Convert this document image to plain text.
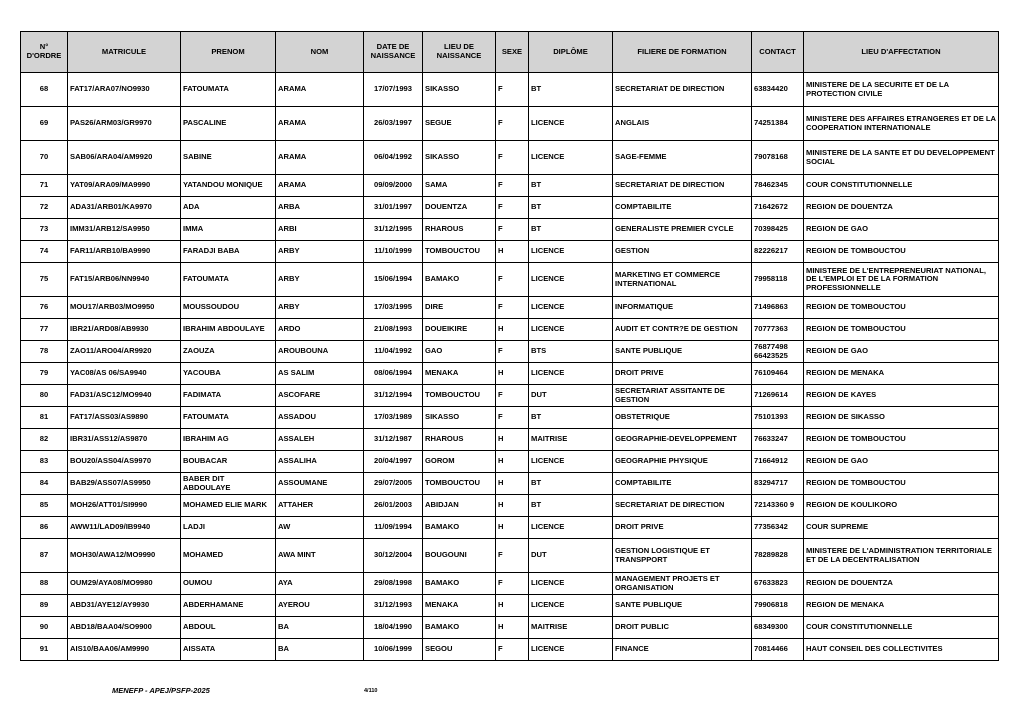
N° D'ORDRE	MATRICULE	PRENOM	NOM	DATE DE NAISSANCE	LIEU DE NAISSANCE	SEXE	DIPLÔME	FILIERE DE FORMATION	CONTACT	LIEU D'AFFECTATION
68	FAT17/ARA07/NO9930	FATOUMATA	ARAMA	17/07/1993	SIKASSO	F	BT	SECRETARIAT DE DIRECTION	63834420	MINISTERE DE LA SECURITE ET DE LA PROTECTION CIVILE
69	PAS26/ARM03/GR9970	PASCALINE	ARAMA	26/03/1997	SEGUE	F	LICENCE	ANGLAIS	74251384	MINISTERE DES AFFAIRES ETRANGERES ET DE LA COOPERATION INTERNATIONALE
70	SAB06/ARA04/AM9920	SABINE	ARAMA	06/04/1992	SIKASSO	F	LICENCE	SAGE-FEMME	79078168	MINISTERE DE LA SANTE ET DU DEVELOPPEMENT SOCIAL
71	YAT09/ARA09/MA9990	YATANDOU MONIQUE	ARAMA	09/09/2000	SAMA	F	BT	SECRETARIAT DE DIRECTION	78462345	COUR CONSTITUTIONNELLE
72	ADA31/ARB01/KA9970	ADA	ARBA	31/01/1997	DOUENTZA	F	BT	COMPTABILITE	71642672	REGION DE DOUENTZA
73	IMM31/ARB12/SA9950	IMMA	ARBI	31/12/1995	RHAROUS	F	BT	GENERALISTE PREMIER CYCLE	70398425	REGION DE GAO
74	FAR11/ARB10/BA9990	FARADJI BABA	ARBY	11/10/1999	TOMBOUCTOU	H	LICENCE	GESTION	82226217	REGION DE TOMBOUCTOU
75	FAT15/ARB06/NN9940	FATOUMATA	ARBY	15/06/1994	BAMAKO	F	LICENCE	MARKETING ET COMMERCE INTERNATIONAL	79958118	MINISTERE DE L'ENTREPRENEURIAT NATIONAL, DE L'EMPLOI ET DE LA FORMATION PROFESSIONNELLE
76	MOU17/ARB03/MO9950	MOUSSOUDOU	ARBY	17/03/1995	DIRE	F	LICENCE	INFORMATIQUE	71496863	REGION DE TOMBOUCTOU
77	IBR21/ARD08/AB9930	IBRAHIM ABDOULAYE	ARDO	21/08/1993	DOUEIKIRE	H	LICENCE	AUDIT ET CONTR?E DE GESTION	70777363	REGION DE TOMBOUCTOU
78	ZAO11/ARO04/AR9920	ZAOUZA	AROUBOUNA	11/04/1992	GAO	F	BTS	SANTE PUBLIQUE	76877498 66423525	REGION DE GAO
79	YAC08/AS 06/SA9940	YACOUBA	AS SALIM	08/06/1994	MENAKA	H	LICENCE	DROIT PRIVE	76109464	REGION DE MENAKA
80	FAD31/ASC12/MO9940	FADIMATA	ASCOFARE	31/12/1994	TOMBOUCTOU	F	DUT	SECRETARIAT ASSITANTE DE GESTION	71269614	REGION DE KAYES
81	FAT17/ASS03/AS9890	FATOUMATA	ASSADOU	17/03/1989	SIKASSO	F	BT	OBSTETRIQUE	75101393	REGION DE SIKASSO
82	IBR31/ASS12/AS9870	IBRAHIM AG	ASSALEH	31/12/1987	RHAROUS	H	MAITRISE	GEOGRAPHIE-DEVELOPPEMENT	76633247	REGION DE TOMBOUCTOU
83	BOU20/ASS04/AS9970	BOUBACAR	ASSALIHA	20/04/1997	GOROM	H	LICENCE	GEOGRAPHIE PHYSIQUE	71664912	REGION DE GAO
84	BAB29/ASS07/AS9950	BABER DIT ABDOULAYE	ASSOUMANE	29/07/2005	TOMBOUCTOU	H	BT	COMPTABILITE	83294717	REGION DE TOMBOUCTOU
85	MOH26/ATT01/SI9990	MOHAMED ELIE MARK	ATTAHER	26/01/2003	ABIDJAN	H	BT	SECRETARIAT DE DIRECTION	72143360 9	REGION DE KOULIKORO
86	AWW11/LAD09/IB9940	LADJI	AW	11/09/1994	BAMAKO	H	LICENCE	DROIT PRIVE	77356342	COUR SUPREME
87	MOH30/AWA12/MO9990	MOHAMED	AWA MINT	30/12/2004	BOUGOUNI	F	DUT	GESTION LOGISTIQUE ET TRANSPPORT	78289828	MINISTERE DE L'ADMINISTRATION TERRITORIALE ET DE LA DECENTRALISATION
88	OUM29/AYA08/MO9980	OUMOU	AYA	29/08/1998	BAMAKO	F	LICENCE	MANAGEMENT PROJETS ET ORGANISATION	67633823	REGION DE DOUENTZA
89	ABD31/AYE12/AY9930	ABDERHAMANE	AYEROU	31/12/1993	MENAKA	H	LICENCE	SANTE PUBLIQUE	79906818	REGION DE MENAKA
90	ABD18/BAA04/SO9900	ABDOUL	BA	18/04/1990	BAMAKO	H	MAITRISE	DROIT PUBLIC	68349300	COUR CONSTITUTIONNELLE
91	AIS10/BAA06/AM9990	AISSATA	BA	10/06/1999	SEGOU	F	LICENCE	FINANCE	70814466	HAUT CONSEIL DES COLLECTIVITES
MENEFP - APEJ/PSFP-2025	4/110
